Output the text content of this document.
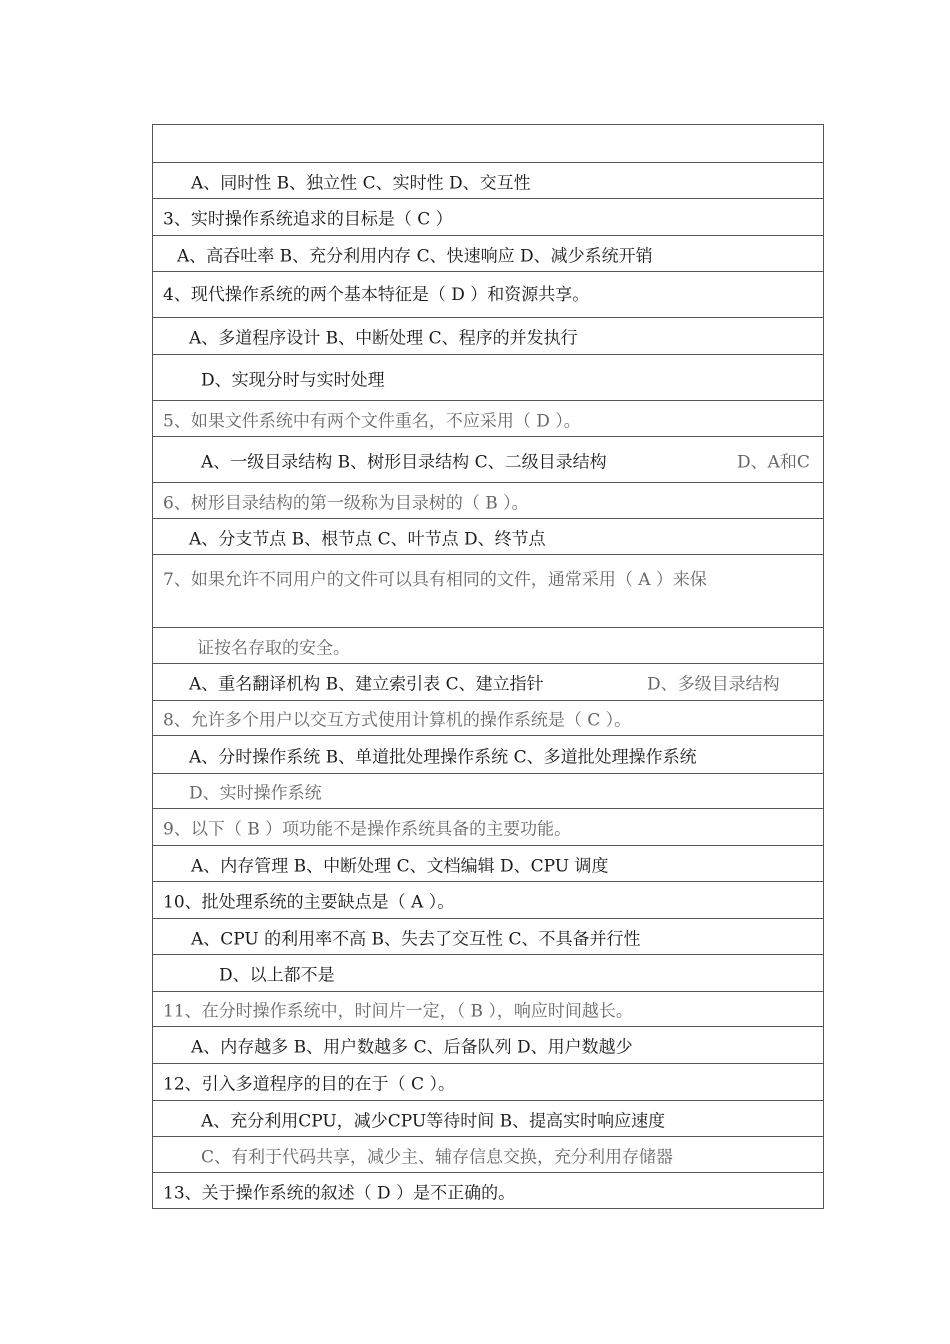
A、同时性 B、独立性 C、实时性 D、交互性
3、实时操作系统追求的目标是（ C ）
A、高吞吐率 B、充分利用内存 C、快速响应 D、减少系统开销
4、现代操作系统的两个基本特征是（ D ）和资源共享。
A、多道程序设计 B、中断处理 C、程序的并发执行
D、实现分时与实时处理
5、如果文件系统中有两个文件重名，不应采用（ D ）。
A、一级目录结构 B、树形目录结构 C、二级目录结构	D、A和C
6、树形目录结构的第一级称为目录树的（ B ）。
A、分支节点 B、根节点 C、叶节点 D、终节点
7、如果允许不同用户的文件可以具有相同的文件，通常采用（ A ）来保
证按名存取的安全。
A、重名翻译机构 B、建立索引表 C、建立指针	D、多级目录结构
8、允许多个用户以交互方式使用计算机的操作系统是（ C ）。
A、分时操作系统 B、单道批处理操作系统 C、多道批处理操作系统
D、实时操作系统
9、以下（ B ）项功能不是操作系统具备的主要功能。
A、内存管理 B、中断处理 C、文档编辑 D、CPU 调度
10、批处理系统的主要缺点是（ A ）。
A、CPU 的利用率不高 B、失去了交互性 C、不具备并行性
D、以上都不是
11、在分时操作系统中，时间片一定，（ B ），响应时间越长。
A、内存越多 B、用户数越多 C、后备队列 D、用户数越少
12、引入多道程序的目的在于（ C ）。
A、充分利用CPU，减少CPU等待时间 B、提高实时响应速度
C、有利于代码共享，减少主、辅存信息交换，充分利用存储器
13、关于操作系统的叙述（ D ）是不正确的。
